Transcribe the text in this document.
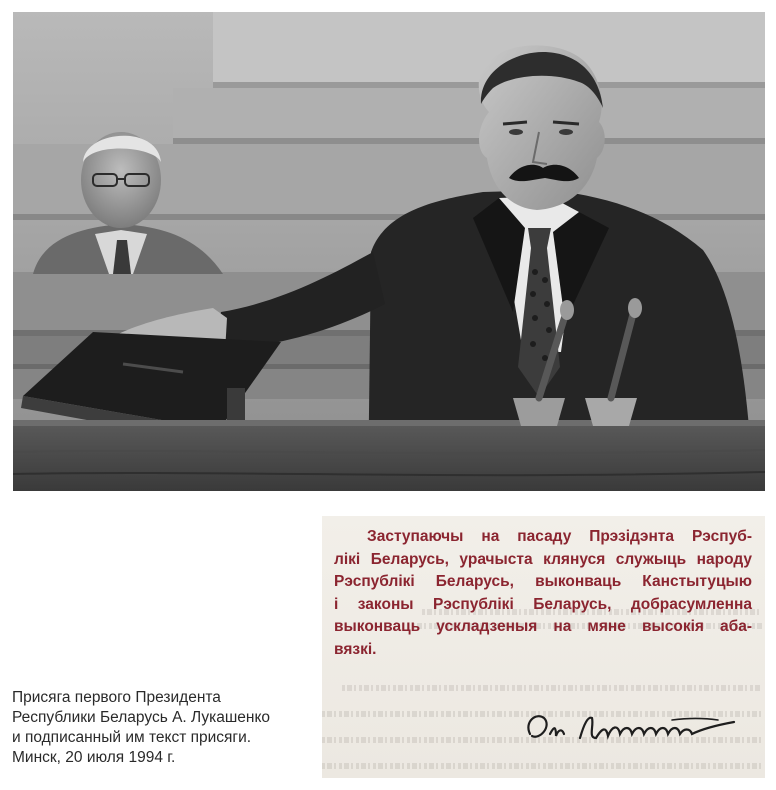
Присяга первого Президента
Республики Беларусь А. Лукашенко
и подписанный им текст присяги.
Минск, 20 июля 1994 г.
Заступаючы на пасаду Прэзідэнта Рэспуб-
лікі Беларусь, урачыста клянуся служыць народу
Рэспублікі Беларусь, выконваць Канстытуцыю
і законы Рэспублікі Беларусь, добрасумленна
выконваць ускладзеныя на мяне высокія аба-
вязкі.
